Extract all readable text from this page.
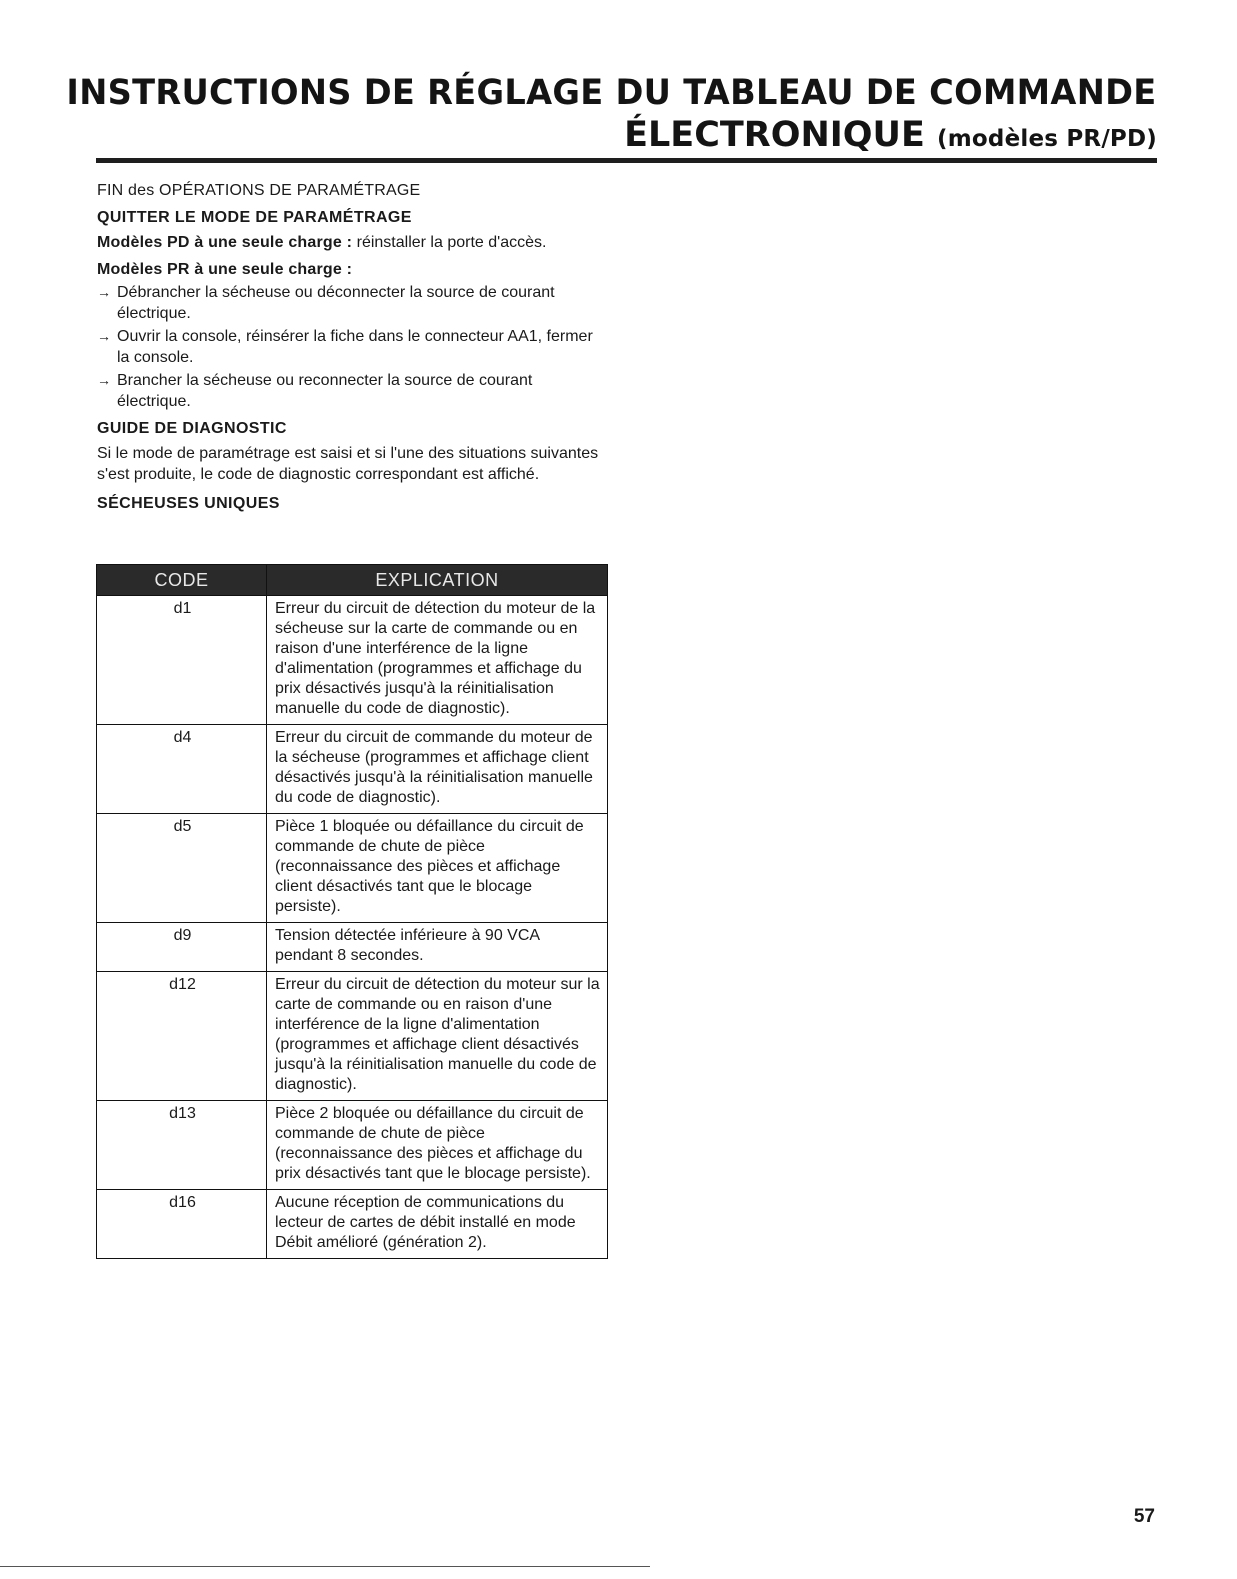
INSTRUCTIONS DE RÉGLAGE DU TABLEAU DE COMMANDE
ÉLECTRONIQUE (modèles PR/PD)

FIN des OPÉRATIONS DE PARAMÉTRAGE

QUITTER LE MODE DE PARAMÉTRAGE

Modèles PD à une seule charge : réinstaller la porte d'accès.

Modèles PR à une seule charge :

→ Débrancher la sécheuse ou déconnecter la source de courant électrique.
→ Ouvrir la console, réinsérer la fiche dans le connecteur AA1, fermer la console.
→ Brancher la sécheuse ou reconnecter la source de courant électrique.

GUIDE DE DIAGNOSTIC

Si le mode de paramétrage est saisi et si l'une des situations suivantes s'est produite, le code de diagnostic correspondant est affiché.

SÉCHEUSES UNIQUES

CODE	EXPLICATION
d1	Erreur du circuit de détection du moteur de la sécheuse sur la carte de commande ou en raison d'une interférence de la ligne d'alimentation (programmes et affichage du prix désactivés jusqu'à la réinitialisation manuelle du code de diagnostic).
d4	Erreur du circuit de commande du moteur de la sécheuse (programmes et affichage client désactivés jusqu'à la réinitialisation manuelle du code de diagnostic).
d5	Pièce 1 bloquée ou défaillance du circuit de commande de chute de pièce (reconnaissance des pièces et affichage client désactivés tant que le blocage persiste).
d9	Tension détectée inférieure à 90 VCA pendant 8 secondes.
d12	Erreur du circuit de détection du moteur sur la carte de commande ou en raison d'une interférence de la ligne d'alimentation (programmes et affichage client désactivés jusqu'à la réinitialisation manuelle du code de diagnostic).
d13	Pièce 2 bloquée ou défaillance du circuit de commande de chute de pièce (reconnaissance des pièces et affichage du prix désactivés tant que le blocage persiste).
d16	Aucune réception de communications du lecteur de cartes de débit installé en mode Débit amélioré (génération 2).
57
